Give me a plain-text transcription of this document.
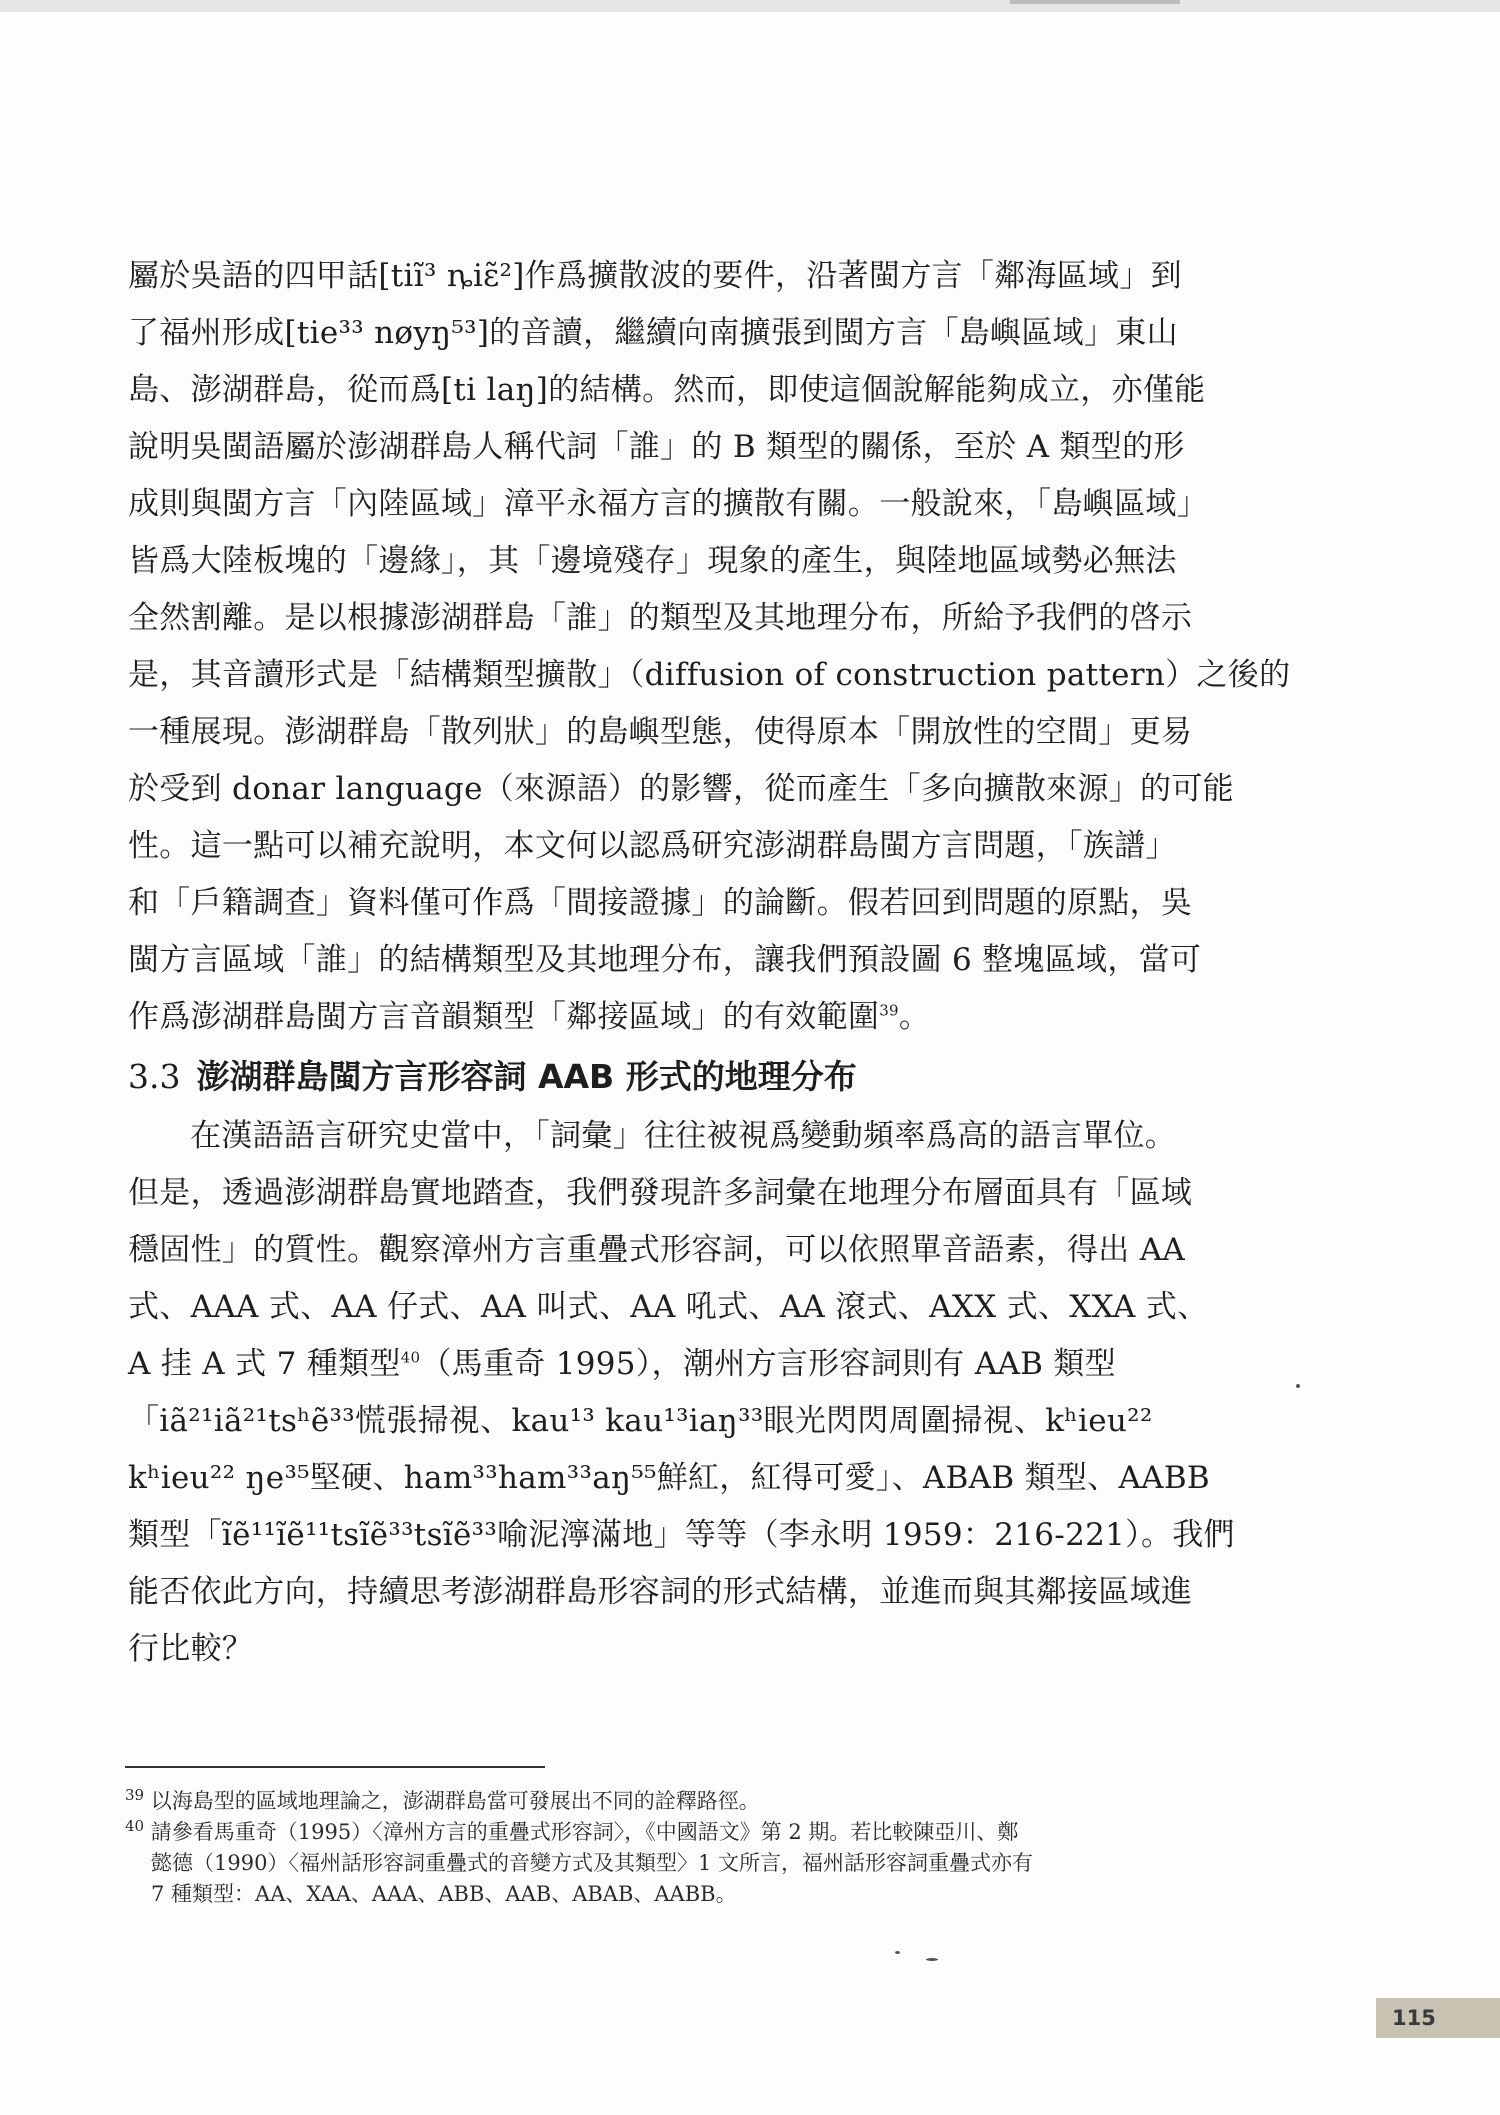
屬於吳語的四甲話[tiĩ³ ȵiɛ̃²]作爲擴散波的要件，沿著閩方言「鄰海區域」到
了福州形成[tie³³ nøyŋ⁵³]的音讀，繼續向南擴張到閩方言「島嶼區域」東山
島、澎湖群島，從而爲[ti laŋ]的結構。然而，即使這個說解能夠成立，亦僅能
說明吳閩語屬於澎湖群島人稱代詞「誰」的 B 類型的關係，至於 A 類型的形
成則與閩方言「內陸區域」漳平永福方言的擴散有關。一般說來，「島嶼區域」
皆爲大陸板塊的「邊緣」，其「邊境殘存」現象的產生，與陸地區域勢必無法
全然割離。是以根據澎湖群島「誰」的類型及其地理分布，所給予我們的啓示
是，其音讀形式是「結構類型擴散」（diffusion of construction pattern）之後的
一種展現。澎湖群島「散列狀」的島嶼型態，使得原本「開放性的空間」更易
於受到 donar language（來源語）的影響，從而產生「多向擴散來源」的可能
性。這一點可以補充說明，本文何以認爲研究澎湖群島閩方言問題，「族譜」
和「戶籍調查」資料僅可作爲「間接證據」的論斷。假若回到問題的原點，吳
閩方言區域「誰」的結構類型及其地理分布，讓我們預設圖 6 整塊區域，當可
作爲澎湖群島閩方言音韻類型「鄰接區域」的有效範圍$^{39}$。
3.3 澎湖群島閩方言形容詞 AAB 形式的地理分布
在漢語語言研究史當中，「詞彙」往往被視爲變動頻率爲高的語言單位。
但是，透過澎湖群島實地踏查，我們發現許多詞彙在地理分布層面具有「區域
穩固性」的質性。觀察漳州方言重疊式形容詞，可以依照單音語素，得出 AA
式、AAA 式、AA 仔式、AA 叫式、AA 吼式、AA 滾式、AXX 式、XXA 式、
A 挂 A 式 7 種類型$^{40}$（馬重奇 1995），潮州方言形容詞則有 AAB 類型
「iã²¹iã²¹tsʰẽ³³慌張掃視、kau¹³ kau¹³iaŋ³³眼光閃閃周圍掃視、kʰieu²²
kʰieu²² ŋe³⁵堅硬、ham³³ham³³aŋ⁵⁵鮮紅，紅得可愛」、ABAB 類型、AABB
類型「ĩẽ¹¹ĩẽ¹¹tsĩẽ³³tsĩẽ³³喻泥濘滿地」等等（李永明 1959：216-221）。我們
能否依此方向，持續思考澎湖群島形容詞的形式結構，並進而與其鄰接區域進
行比較？
$^{39}$ 以海島型的區域地理論之，澎湖群島當可發展出不同的詮釋路徑。
$^{40}$ 請參看馬重奇（1995）〈漳州方言的重疊式形容詞〉，《中國語文》第 2 期。若比較陳亞川、鄭
懿德（1990）〈福州話形容詞重疊式的音變方式及其類型〉1 文所言，福州話形容詞重疊式亦有
7 種類型：AA、XAA、AAA、ABB、AAB、ABAB、AABB。
115
